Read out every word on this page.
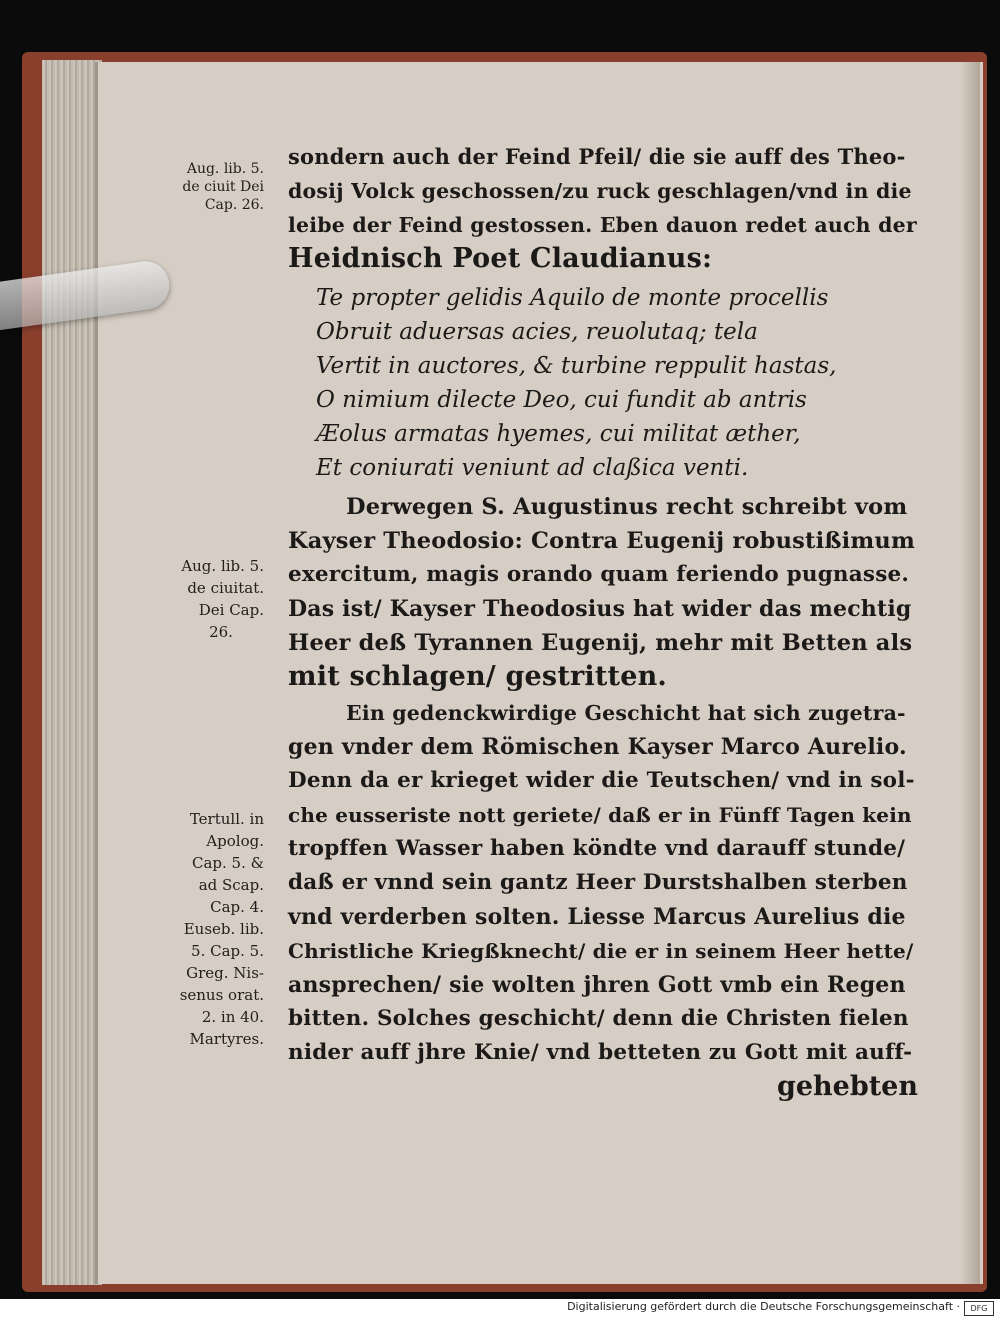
Aug. lib. 5.
de ciuit Dei
Cap. 26.
Aug. lib. 5.
de ciuitat.
Dei Cap.
26.
Tertull. in
Apolog.
Cap. 5. &
ad Scap.
Cap. 4.
Euseb. lib.
5. Cap. 5.
Greg. Nis-
senus orat.
2. in 40.
Martyres.
sondern auch der Feind Pfeil/ die sie auff des Theo-
dosij Volck geschossen/zu ruck geschlagen/vnd in die
leibe der Feind gestossen. Eben dauon redet auch der
Heidnisch Poet Claudianus:
Te propter gelidis Aquilo de monte procellis
Obruit aduersas acies, reuolutaq; tela
Vertit in auctores, & turbine reppulit hastas,
O nimium dilecte Deo, cui fundit ab antris
Æolus armatas hyemes, cui militat æther,
Et coniurati veniunt ad claßica venti.
Derwegen S. Augustinus recht schreibt vom
Kayser Theodosio: Contra Eugenij robustißimum
exercitum, magis orando quam feriendo pugnasse.
Das ist/ Kayser Theodosius hat wider das mechtig
Heer deß Tyrannen Eugenij, mehr mit Betten als
mit schlagen/ gestritten.
Ein gedenckwirdige Geschicht hat sich zugetra-
gen vnder dem Römischen Kayser Marco Aurelio.
Denn da er krieget wider die Teutschen/ vnd in sol-
che eusseriste nott geriete/ daß er in Fünff Tagen kein
tropffen Wasser haben köndte vnd darauff stunde/
daß er vnnd sein gantz Heer Durstshalben sterben
vnd verderben solten. Liesse Marcus Aurelius die
Christliche Kriegßknecht/ die er in seinem Heer hette/
ansprechen/ sie wolten jhren Gott vmb ein Regen
bitten. Solches geschicht/ denn die Christen fielen
nider auff jhre Knie/ vnd betteten zu Gott mit auff-
gehebten
Digitalisierung gefördert durch die Deutsche Forschungsgemeinschaft ·	DFG
